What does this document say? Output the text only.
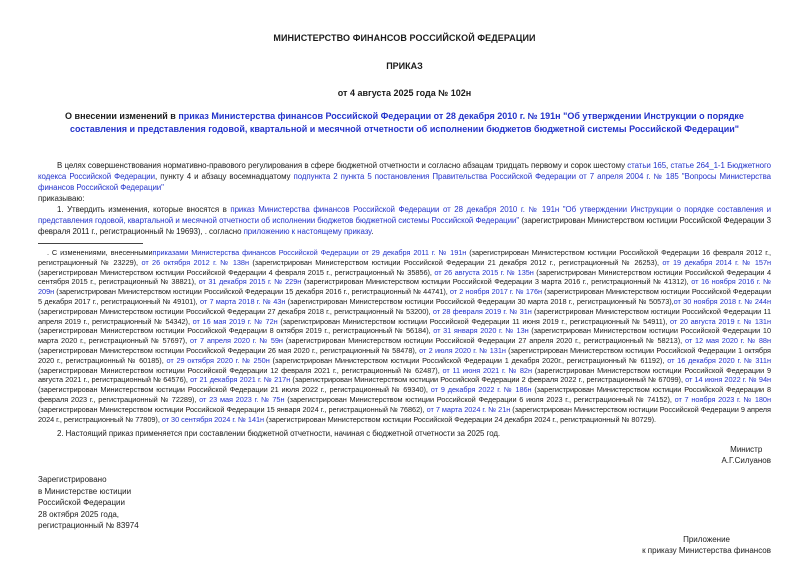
МИНИСТЕРСТВО ФИНАНСОВ РОССИЙСКОЙ ФЕДЕРАЦИИ
ПРИКАЗ
от 4 августа 2025 года № 102н
О внесении изменений в приказ Министерства финансов Российской Федерации от 28 декабря 2010 г. № 191н "Об утверждении Инструкции о порядке составления и представления годовой, квартальной и месячной отчетности об исполнении бюджетов бюджетной системы Российской Федерации"

В целях совершенствования нормативно-правового регулирования в сфере бюджетной отчетности и согласно абзацам тридцать первому и сорок шестому статьи 165, статье 264_1-1 Бюджетного кодекса Российской Федерации, пункту 4 и абзацу восемнадцатому подпункта 2 пункта 5 постановления Правительства Российской Федерации от 7 апреля 2004 г. № 185 "Вопросы Министерства финансов Российской Федерации"

приказываю:

1. Утвердить изменения, которые вносятся в приказ Министерства финансов Российской Федерации от 28 декабря 2010 г. № 191н "Об утверждении Инструкции о порядке составления и представления годовой, квартальной и месячной отчетности об исполнении бюджетов бюджетной системы Российской Федерации" (зарегистрирован Министерством юстиции Российской Федерации 3 февраля 2011 г., регистрационный № 19693), . согласно приложению к настоящему приказу.

. С изменениями, внесеннымиприказами Министерства финансов Российской Федерации от 29 декабря 2011 г. № 191н (зарегистрирован Министерством юстиции Российской Федерации 16 февраля 2012 г., регистрационный № 23229), от 26 октября 2012 г. № 138н (зарегистрирован Министерством юстиции Российской Федерации 21 декабря 2012 г., регистрационный № 26253), от 19 декабря 2014 г. № 157н (зарегистрирован Министерством юстиции Российской Федерации 4 февраля 2015 г., регистрационный № 35856), от 26 августа 2015 г. № 135н (зарегистрирован Министерством юстиции Российской Федерации 4 сентября 2015 г., регистрационный № 38821), от 31 декабря 2015 г. № 229н (зарегистрирован Министерством юстиции Российской Федерации 3 марта 2016 г., регистрационный № 41312), от 16 ноября 2016 г. № 209н (зарегистрирован Министерством юстиции Российской Федерации 15 декабря 2016 г., регистрационный № 44741), от 2 ноября 2017 г. № 176н (зарегистрирован Министерством юстиции Российской Федерации 5 декабря 2017 г., регистрационный № 49101), от 7 марта 2018 г. № 43н (зарегистрирован Министерством юстиции Российской Федерации 30 марта 2018 г., регистрационный № 50573),от 30 ноября 2018 г. № 244н (зарегистрирован Министерством юстиции Российской Федерации 27 декабря 2018 г., регистрационный № 53200), от 28 февраля 2019 г. № 31н (зарегистрирован Министерством юстиции Российской Федерации 11 апреля 2019 г., регистрационный № 54342), от 16 мая 2019 г. № 72н (зарегистрирован Министерством юстиции Российской Федерации 11 июня 2019 г., регистрационный № 54911), от 20 августа 2019 г. № 131н (зарегистрирован Министерством юстиции Российской Федерации 8 октября 2019 г., регистрационный № 56184), от 31 января 2020 г. № 13н (зарегистрирован Министерством юстиции Российской Федерации 10 марта 2020 г., регистрационный № 57697), от 7 апреля 2020 г. № 59н (зарегистрирован Министерством юстиции Российской Федерации 27 апреля 2020 г., регистрационный № 58213), от 12 мая 2020 г. № 88н (зарегистрирован Министерством юстиции Российской Федерации 26 мая 2020 г., регистрационный № 58478), от 2 июля 2020 г. № 131н (зарегистрирован Министерством юстиции Российской Федерации 1 октября 2020 г., регистрационный № 60185), от 29 октября 2020 г. № 250н (зарегистрирован Министерством юстиции Российской Федерации 1 декабря 2020г., регистрационный № 61192), от 16 декабря 2020 г. № 311н (зарегистрирован Министерством юстиции Российской Федерации 12 февраля 2021 г., регистрационный № 62487), от 11 июня 2021 г. № 82н (зарегистрирован Министерством юстиции Российской Федерации 9 августа 2021 г., регистрационный № 64576), от 21 декабря 2021 г. № 217н (зарегистрирован Министерством юстиции Российской Федерации 2 февраля 2022 г., регистрационный № 67099), от 14 июня 2022 г. № 94н (зарегистрирован Министерством юстиции Российской Федерации 21 июля 2022 г., регистрационный № 69340), от 9 декабря 2022 г. № 186н (зарегистрирован Министерством юстиции Российской Федерации 8 февраля 2023 г., регистрационный № 72289), от 23 мая 2023 г. № 75н (зарегистрирован Министерством юстиции Российской Федерации 6 июля 2023 г., регистрационный № 74152), от 7 ноября 2023 г. № 180н (зарегистрирован Министерством юстиции Российской Федерации 15 января 2024 г., регистрационный № 76862), от 7 марта 2024 г. № 21н (зарегистрирован Министерством юстиции Российской Федерации 9 апреля 2024 г., регистрационный № 77809), от 30 сентября 2024 г. № 141н (зарегистрирован Министерством юстиции Российской Федерации 24 декабря 2024 г., регистрационный № 80729).

2. Настоящий приказ применяется при составлении бюджетной отчетности, начиная с бюджетной отчетности за 2025 год.

Министр
А.Г.Силуанов
Зарегистрировано
в Министерстве юстиции
Российской Федерации
28 октября 2025 года,
регистрационный № 83974
Приложение
к приказу Министерства финансов
